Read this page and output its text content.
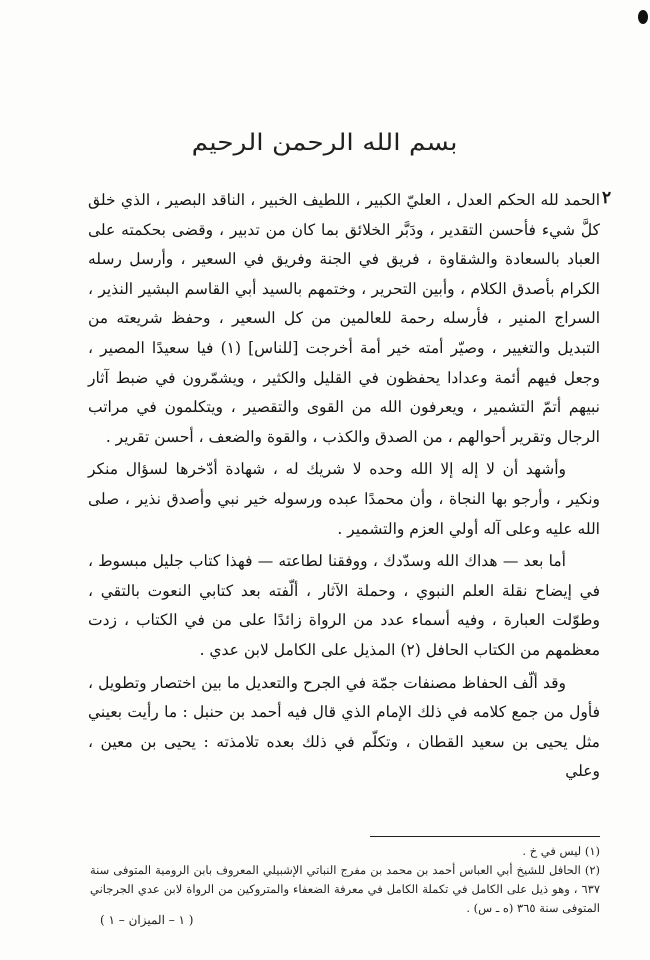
بسم الله الرحمن الرحيم
٢

الحمد لله الحكم العدل ، العليّ الكبير ، اللطيف الخبير ، الناقد البصير ، الذي خلق كلَّ شيء فأحسن التقدير ، ودَبَّر الخلائق بما كان من تدبير ، وقضى بحكمته على العباد بالسعادة والشقاوة ، فريق في الجنة وفريق في السعير ، وأرسل رسله الكرام بأصدق الكلام ، وأبين التحرير ، وختمهم بالسيد أبي القاسم البشير النذير ، السراج المنير ، فأرسله رحمة للعالمين من كل السعير ، وحفظ شريعته من التبديل والتغيير ، وصيّر أمته خير أمة أخرجت [للناس] (١) فيا سعيدًا المصير ، وجعل فيهم أئمة وعدادا يحفظون في القليل والكثير ، ويشمّرون في ضبط آثار نبيهم أتمّ التشمير ، ويعرفون الله من القوى والتقصير ، ويتكلمون في مراتب الرجال وتقرير أحوالهم ، من الصدق والكذب ، والقوة والضعف ، أحسن تقرير .

وأشهد أن لا إله إلا الله وحده لا شريك له ، شهادة أدّخرها لسؤال منكر ونكير ، وأرجو بها النجاة ، وأن محمدًا عبده ورسوله خير نبي وأصدق نذير ، صلى الله عليه وعلى آله أولي العزم والتشمير .

أما بعد — هداك الله وسدّدك ، ووفقنا لطاعته — فهذا كتاب جليل مبسوط ، في إيضاح نقلة العلم النبوي ، وحملة الآثار ، ألّفته بعد كتابي النعوت بالتقي ، وطوّلت العبارة ، وفيه أسماء عدد من الرواة زائدًا على من في الكتاب ، زدت معظمهم من الكتاب الحافل (٢) المذيل على الكامل لابن عدي .

وقد ألّف الحفاظ مصنفات جمّة في الجرح والتعديل ما بين اختصار وتطويل ، فأول من جمع كلامه في ذلك الإمام الذي قال فيه أحمد بن حنبل : ما رأيت بعيني مثل يحيى بن سعيد القطان ، وتكلّم في ذلك بعده تلامذته : يحيى بن معين ، وعلي

(١) ليس في خ .

(٢) الحافل للشيخ أبي العباس أحمد بن محمد بن مفرج النباتي الإشبيلي المعروف بابن الرومية المتوفى سنة ٦٣٧ ، وهو ذيل على الكامل في تكملة الكامل في معرفة الضعفاء والمتروكين من الرواة لابن عدي الجرجاني المتوفى سنة ٣٦٥ (ه ـ س) .

( ١ – الميزان – ١ )
